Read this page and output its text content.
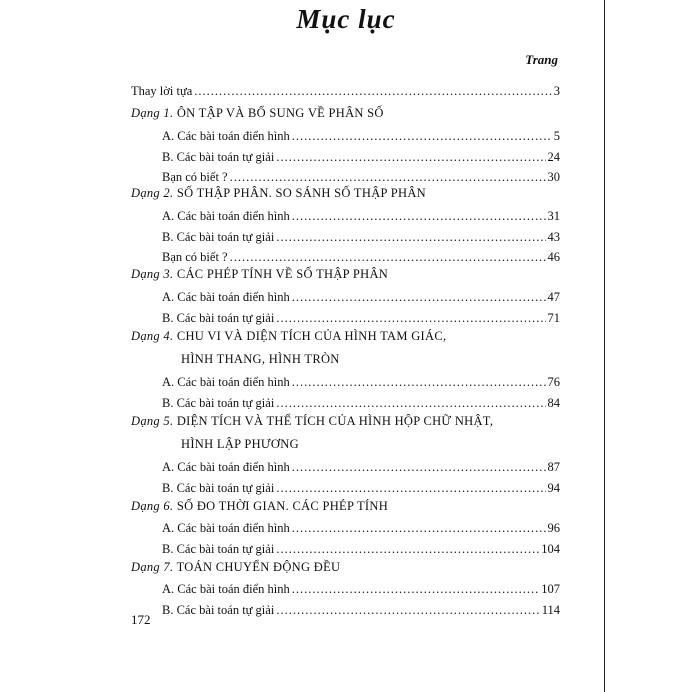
Mục lục
Trang
Thay lời tựa .....	3
Dạng 1. ÔN TẬP VÀ BỔ SUNG VỀ PHÂN SỐ
A. Các bài toán điển hình .....	5
B. Các bài toán tự giải .....	24
Bạn có biết ? .....	30
Dạng 2. SỐ THẬP PHÂN. SO SÁNH SỐ THẬP PHÂN
A. Các bài toán điển hình .....	31
B. Các bài toán tự giải .....	43
Bạn có biết ? .....	46
Dạng 3. CÁC PHÉP TÍNH VỀ SỐ THẬP PHÂN
A. Các bài toán điển hình .....	47
B. Các bài toán tự giải .....	71
Dạng 4. CHU VI VÀ DIỆN TÍCH CỦA HÌNH TAM GIÁC,
HÌNH THANG, HÌNH TRÒN
A. Các bài toán điển hình .....	76
B. Các bài toán tự giải .....	84
Dạng 5. DIỆN TÍCH VÀ THỂ TÍCH CỦA HÌNH HỘP CHỮ NHẬT,
HÌNH LẬP PHƯƠNG
A. Các bài toán điển hình .....	87
B. Các bài toán tự giải .....	94
Dạng 6. SỐ ĐO THỜI GIAN. CÁC PHÉP TÍNH
A. Các bài toán điển hình .....	96
B. Các bài toán tự giải .....	104
Dạng 7. TOÁN CHUYỂN ĐỘNG ĐỀU
A. Các bài toán điển hình .....	107
B. Các bài toán tự giải .....	114
172
